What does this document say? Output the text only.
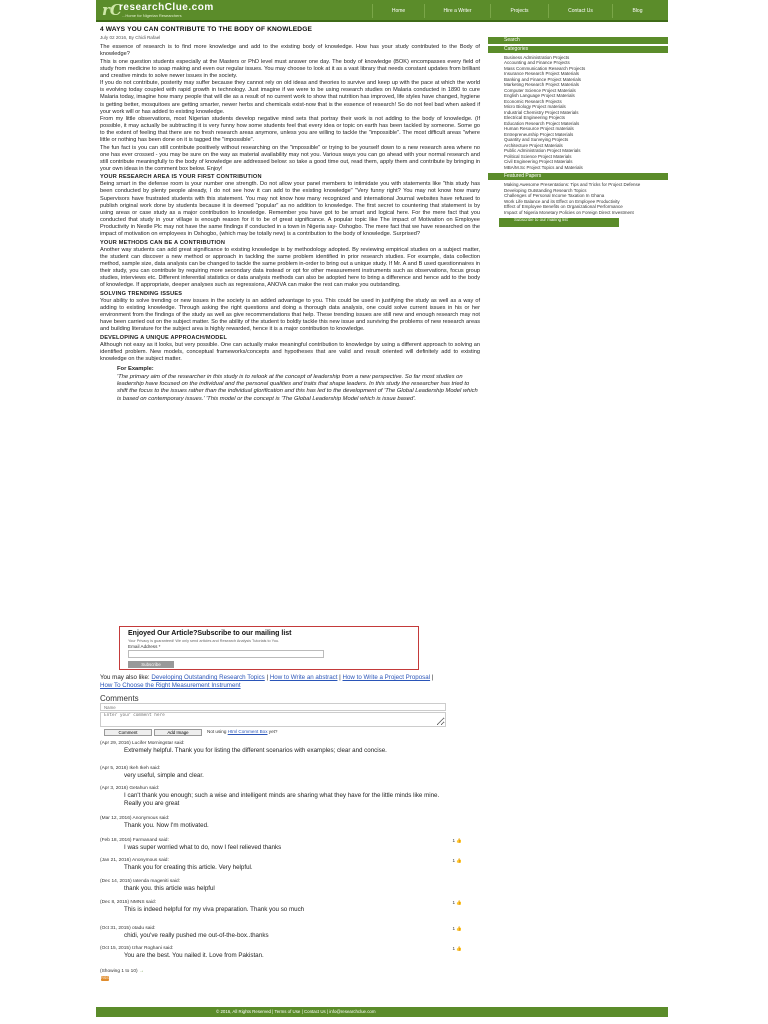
rC
researchClue.com
...Home for Nigerian Researchers
Home	Hire a Writer	Projects	Contact Us	Blog
4 WAYS YOU CAN CONTRIBUTE TO THE BODY OF KNOWLEDGE
July 02 2016, By Chidi Rafael

The essence of research is to find more knowledge and add to the existing body of knowledge. How has your study contributed to the Body of knowledge?

This is one question students especially at the Masters or PhD level must answer one day. The body of knowledge (BOK) encompasses every field of study from medicine to soap making and even our regular issues. You may choose to look at it as a vast library that needs constant updates from brilliant and creative minds to solve newer issues in the society.

If you do not contribute, posterity may suffer because they cannot rely on old ideas and theories to survive and keep up with the pace at which the world is evolving today coupled with rapid growth in technology. Just imagine if we were to be using research studies on Malaria conducted in 1890 to cure Malaria today, imagine how many people that will die as a result of no current work to show that nutrition has improved, life styles have changed, hygiene is getting better, mosquitoes are getting smarter, newer herbs and chemicals exist-now that is the essence of research! So do not feel bad when asked if your work will or has added to existing knowledge.

From my little observations, most Nigerian students develop negative mind sets that portray their work is not adding to the body of knowledge. (If possible, it may actually be subtracting it is very funny how some students feel that every idea or topic on earth has been tackled by someone. Some go to the extent of feeling that there are no fresh research areas anymore, unless you are willing to tackle the "impossible". The most difficult areas "where little or nothing has been done on it is tagged the "impossible".

The fun fact is you can still contribute positively without researching on the "impossible" or trying to be yourself down to a new research area where no one has ever crossed - you may be sure on the way as material availability may not you. Various ways you can go ahead with your normal research and still contribute meaningfully to the body of knowledge are addressed below: so take a good time out, read them, apply them and contribute by bringing in your own ideas in the comment box below. Enjoy!

YOUR RESEARCH AREA IS YOUR FIRST CONTRIBUTION

Being smart in the defense room is your number one strength. Do not allow your panel members to intimidate you with statements like "this study has been conducted by plenty people already, I do not see how it can add to the existing knowledge" "Very funny right? You may not know how many Supervisors have frustrated students with this statement. You may not know how many recognized and international Journal websites have refused to publish original work done by students because it is deemed "popular" as no addition to knowledge. The first secret to countering that statement is by using areas or case study as a major contribution to knowledge. Remember you have got to be smart and logical here. For the mere fact that you conducted that study in your village is enough reason for it to be of great significance. A popular topic like The impact of Motivation on Employee Productivity in Nestle Plc may not have the same findings if conducted in a town in Nigeria say- Oshogbo. The mere fact that we have researched on the impact of motivation on employees in Oshogbo, (which may be totally new) is a contribution to the body of knowledge. Surprised?

YOUR METHODS CAN BE A CONTRIBUTION

Another way students can add great significance to existing knowledge is by methodology adopted. By reviewing empirical studies on a subject matter, the student can discover a new method or approach in tackling the same problem identified in prior research studies. For example, data collection method, sample size, data analysis can be changed to tackle the same problem in-order to bring out a unique study. If Mr. A and B used questionnaires in their study, you can contribute by requiring more secondary data instead or opt for other measurement instruments such as observations, focus group studies, interviews etc. Different inferential statistics or data analysis methods can also be adopted here to bring a difference and hence add to the body of knowledge. If appropriate, deeper analyses such as regressions, ANOVA can make the rest can make you outstanding.

SOLVING TRENDING ISSUES

Your ability to solve trending or new issues in the society is an added advantage to you. This could be used in justifying the study as well as a way of adding to existing knowledge. Through asking the right questions and doing a thorough data analysis, one could solve current issues in his or her environment from the findings of the study as well as give recommendations that help. These trending issues are still new and enough research may not have been carried out on the subject matter. So the ability of the student to boldly tackle this new issue and surviving the problems of new research areas and building literature for the subject area is highly rewarded, hence it is a major contribution to knowledge.

DEVELOPING A UNIQUE APPROACH/MODEL

Although not easy as it looks, but very possible. One can actually make meaningful contribution to knowledge by using a different approach to solving an identified problem. New models, conceptual frameworks/concepts and hypotheses that are valid and result oriented will definitely add to existing knowledge on the subject matter.

For Example:
'The primary aim of the researcher in this study is to relook at the concept of leadership from a new perspective. So far most studies on leadership have focused on the individual and the personal qualities and traits that shape leaders. In this study the researcher has tried to shift the focus to the issues rather than the individual glorification and this has led to the development of 'The Global Leadership Model which is based on contemporary issues.' 'This model or the concept is 'The Global Leadership Model which is issue based'.
Enjoyed Our Article?Subscribe to our mailing list
Your Privacy is guaranteed! We only send articles and Research Analysis Tutorials to You.
Email Address *
Subscribe
You may also like: Developing Outstanding Research Topics | How to Write an abstract | How to Write a Project Proposal | How To Choose the Right Measurement Instrument
Comments
Name
Enter your comment here
Comment	Add Image	Not using Html Comment Box yet?
(Apr 29, 2016) Lucifer Morningstar said:
Extremely helpful. Thank you for listing the different scenarios with examples; clear and concise.
(Apr 5, 2016) Ikeh Ikeh said:
very useful, simple and clear.
(Apr 3, 2016) Getahun said:
I can't thank you enough; such a wise and intelligent minds are sharing what they have for the little minds like mine. Really you are great
(Mar 12, 2016) Anonymous said:
Thank you. Now I'm motivated.
(Feb 18, 2016) Farmanand said:
I was super worried what to do, now I feel relieved thanks
1 👍
(Jan 21, 2016) Anonymous said:
Thank you for creating this article. Very helpful.
1 👍
(Dec 14, 2015) Iatenda mageniti said:
thank you. this article was helpful
(Dec 8, 2015) NMNS said:
This is indeed helpful for my viva preparation. Thank you so much
1 👍
(Oct 31, 2015) otadu said:
chidi, you've really pushed me out-of-the-box..thanks
1 👍
(Oct 15, 2015) Izhar Roghani said:
You are the best. You nailed it. Love from Pakistan.
1 👍
(Showing 1 to 10) →
RSS
Search
Categories
Business Administration Projects
Accounting and Finance Projects
Mass Communication Research Projects
Insurance Research Project Materials
Banking and Finance Project Materials
Marketing Research Project Materials
Computer Science Project Materials
English Language Project Materials
Economic Research Projects
Micro Biology Project materials
Industrial Chemistry Project Materials
Electrical Engineering Projects
Education Research Project Materials
Human Resource Project materials
Entrepreneurship Project Materials
Quantity and Surveying Projects
Architecture Project Materials
Public Administration Project Materials
Political Science Project Materials
Civil Engineering Project Materials
MBA/M.Sc Project Topics and Materials
Featured Papers
Making Awesome Presentations: Tips and Tricks for Project Defense
Developing Outstanding Research Topics
Challenges of Personal Income Taxation In Ghana
Work Life Balance and its Effect on Employee Productivity
Effect of Employee Benefits on Organizational Performance
Impact of Nigeria Monetary Policies on Foreign Direct Investment
Subscribe to our mailing list
© 2016, All Rights Reserved | Terms of Use | Contact Us | info@researchclue.com
